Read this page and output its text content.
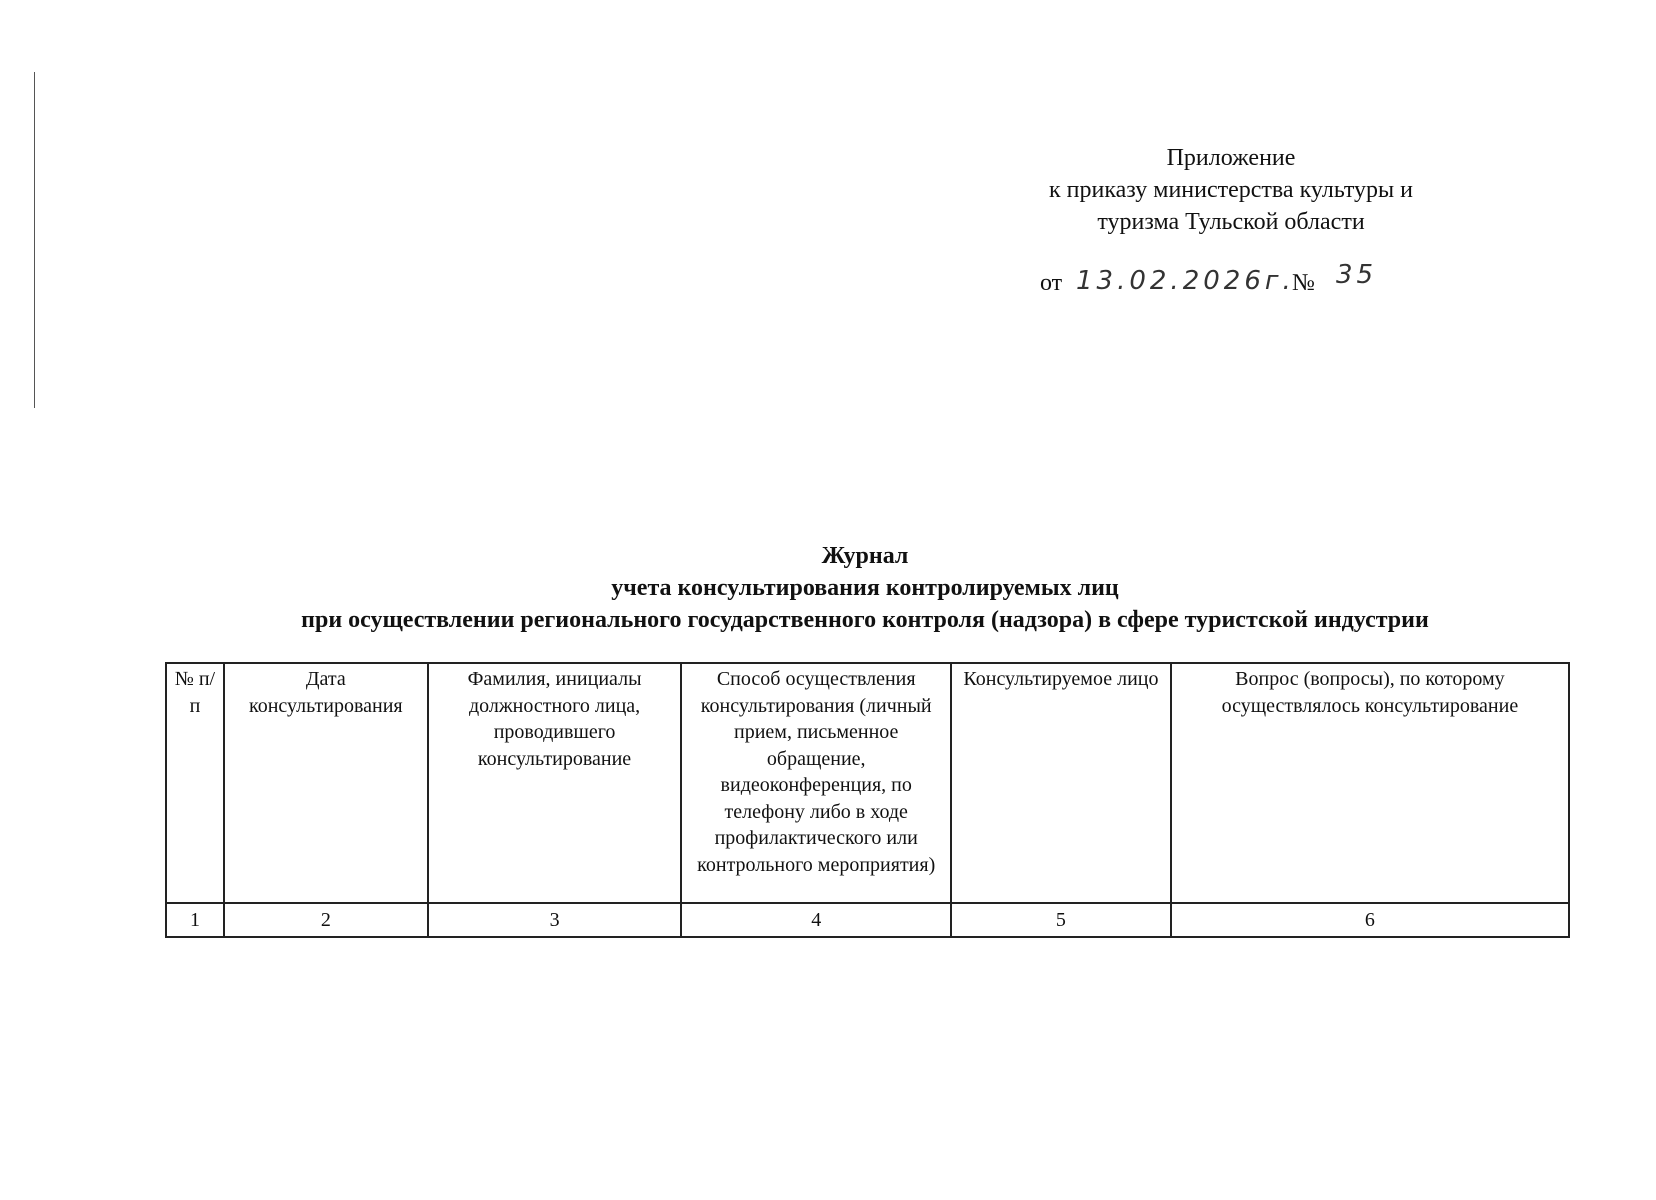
Приложение
к приказу министерства культуры и
туризма Тульской области
от 13.02.2026г.
№ 35
Журнал
учета консультирования контролируемых лиц
при осуществлении регионального государственного контроля (надзора) в сфере туристской индустрии
№ п/п	Дата консультирования	Фамилия, инициалы должностного лица, проводившего консультирование	Способ осуществления консультирования (личный прием, письменное обращение, видеоконференция, по телефону либо в ходе профилактического или контрольного мероприятия)	Консультируемое лицо	Вопрос (вопросы), по которому осуществлялось консультирование
1	2	3	4	5	6
